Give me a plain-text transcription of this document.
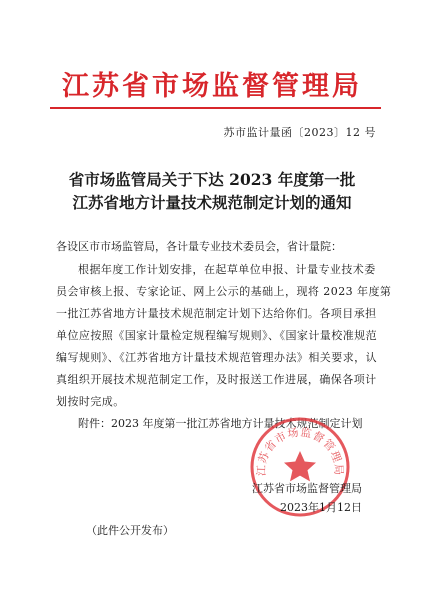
江苏省市场监督管理局
苏市监计量函〔2023〕12 号
省市场监管局关于下达 2023 年度第一批
江苏省地方计量技术规范制定计划的通知
各设区市市场监管局，各计量专业技术委员会，省计量院：
根据年度工作计划安排，在起草单位申报、计量专业技术委
员会审核上报、专家论证、网上公示的基础上，现将 2023 年度第
一批江苏省地方计量技术规范制定计划下达给你们。各项目承担
单位应按照《国家计量检定规程编写规则》、《国家计量校准规范
编写规则》、《江苏省地方计量技术规范管理办法》相关要求，认
真组织开展技术规范制定工作，及时报送工作进展，确保各项计
划按时完成。
附件：2023 年度第一批江苏省地方计量技术规范制定计划
江苏省市场监督管理局
江苏省市场监督管理局
2023年1月12日
（此件公开发布）
